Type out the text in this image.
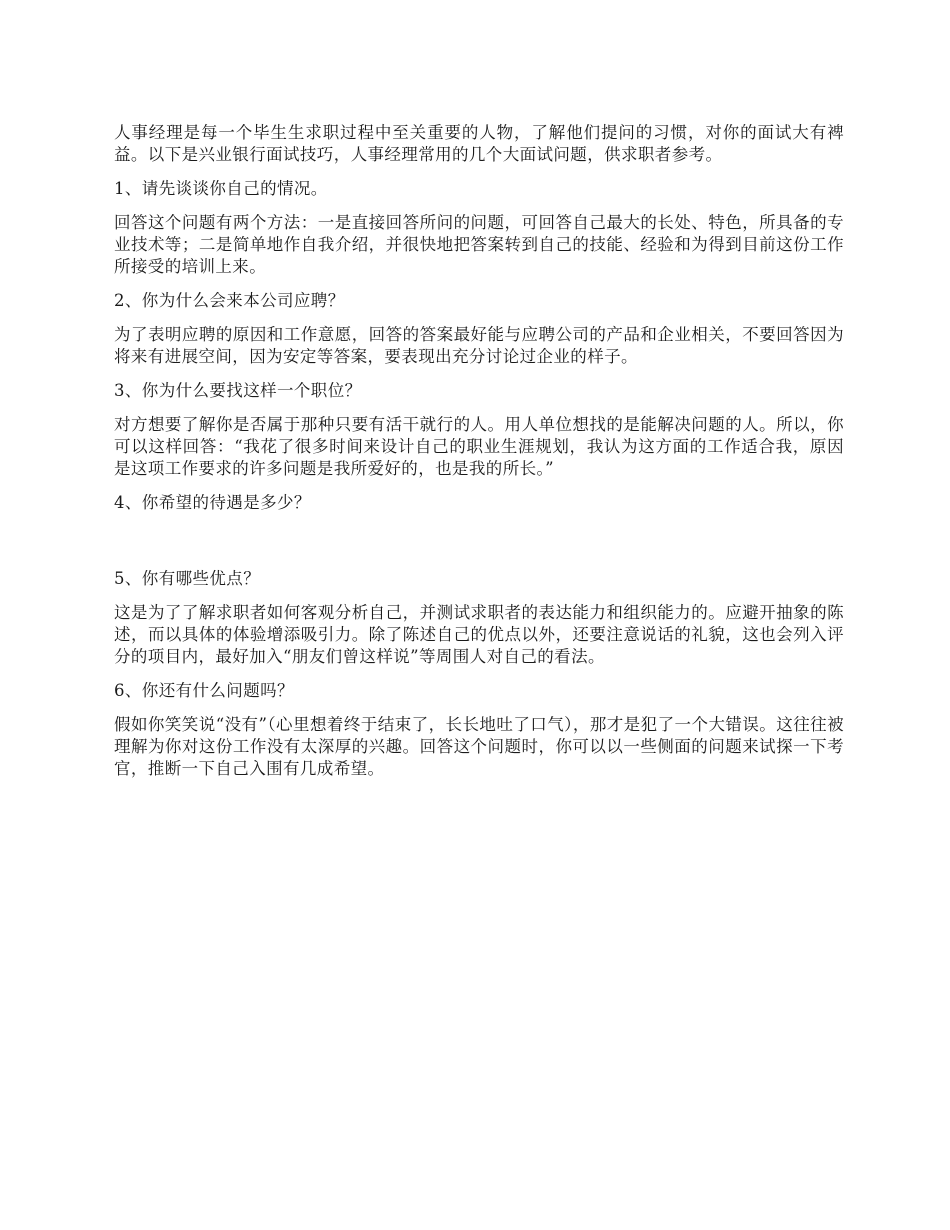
人事经理是每一个毕生生求职过程中至关重要的人物，了解他们提问的习惯，对你的面试大有裨益。以下是兴业银行面试技巧，人事经理常用的几个大面试问题，供求职者参考。

1、请先谈谈你自己的情况。

回答这个问题有两个方法：一是直接回答所问的问题，可回答自己最大的长处、特色，所具备的专业技术等；二是简单地作自我介绍，并很快地把答案转到自己的技能、经验和为得到目前这份工作所接受的培训上来。

2、你为什么会来本公司应聘？

为了表明应聘的原因和工作意愿，回答的答案最好能与应聘公司的产品和企业相关，不要回答因为将来有进展空间，因为安定等答案，要表现出充分讨论过企业的样子。

3、你为什么要找这样一个职位？

对方想要了解你是否属于那种只要有活干就行的人。用人单位想找的是能解决问题的人。所以，你可以这样回答：“我花了很多时间来设计自己的职业生涯规划，我认为这方面的工作适合我，原因是这项工作要求的许多问题是我所爱好的，也是我的所长。”

4、你希望的待遇是多少？

5、你有哪些优点？

这是为了了解求职者如何客观分析自己，并测试求职者的表达能力和组织能力的。应避开抽象的陈述，而以具体的体验增添吸引力。除了陈述自己的优点以外，还要注意说话的礼貌，这也会列入评分的项目内，最好加入“朋友们曾这样说”等周围人对自己的看法。

6、你还有什么问题吗？

假如你笑笑说“没有”（心里想着终于结束了，长长地吐了口气），那才是犯了一个大错误。这往往被理解为你对这份工作没有太深厚的兴趣。回答这个问题时，你可以以一些侧面的问题来试探一下考官，推断一下自己入围有几成希望。
